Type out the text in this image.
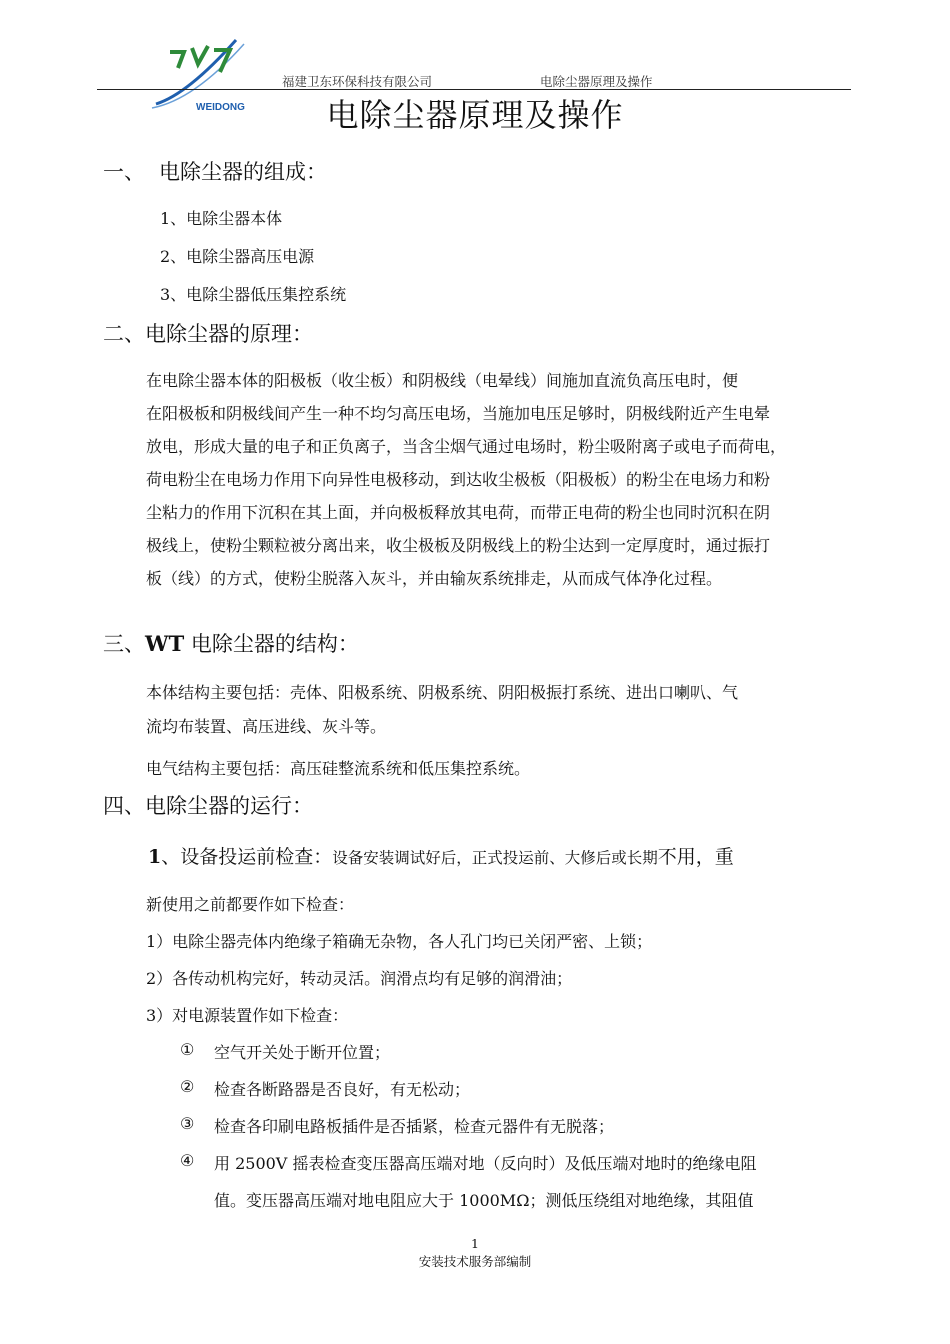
WEIDONG
福建卫东环保科技有限公司	电除尘器原理及操作
电除尘器原理及操作
一、 电除尘器的组成：
1、电除尘器本体
2、电除尘器高压电源
3、电除尘器低压集控系统
二、电除尘器的原理：
在电除尘器本体的阳极板（收尘板）和阴极线（电晕线）间施加直流负高压电时，便
在阳极板和阴极线间产生一种不均匀高压电场，当施加电压足够时，阴极线附近产生电晕
放电，形成大量的电子和正负离子，当含尘烟气通过电场时，粉尘吸附离子或电子而荷电，
荷电粉尘在电场力作用下向异性电极移动，到达收尘极板（阳极板）的粉尘在电场力和粉
尘粘力的作用下沉积在其上面，并向极板释放其电荷，而带正电荷的粉尘也同时沉积在阴
极线上，使粉尘颗粒被分离出来，收尘极板及阴极线上的粉尘达到一定厚度时，通过振打
板（线）的方式，使粉尘脱落入灰斗，并由输灰系统排走，从而成气体净化过程。
三、WT 电除尘器的结构：
本体结构主要包括：壳体、阳极系统、阴极系统、阴阳极振打系统、进出口喇叭、气
流均布装置、高压进线、灰斗等。
电气结构主要包括：高压硅整流系统和低压集控系统。
四、电除尘器的运行：
1、设备投运前检查：设备安装调试好后，正式投运前、大修后或长期不用，重
新使用之前都要作如下检查：
1）电除尘器壳体内绝缘子箱确无杂物，各人孔门均已关闭严密、上锁；
2）各传动机构完好，转动灵活。润滑点均有足够的润滑油；
3）对电源装置作如下检查：
① 空气开关处于断开位置；
② 检查各断路器是否良好，有无松动；
③ 检查各印刷电路板插件是否插紧，检查元器件有无脱落；
④ 用 2500V 摇表检查变压器高压端对地（反向时）及低压端对地时的绝缘电阻
值。变压器高压端对地电阻应大于 1000MΩ；测低压绕组对地绝缘，其阻值
1
安装技术服务部编制
